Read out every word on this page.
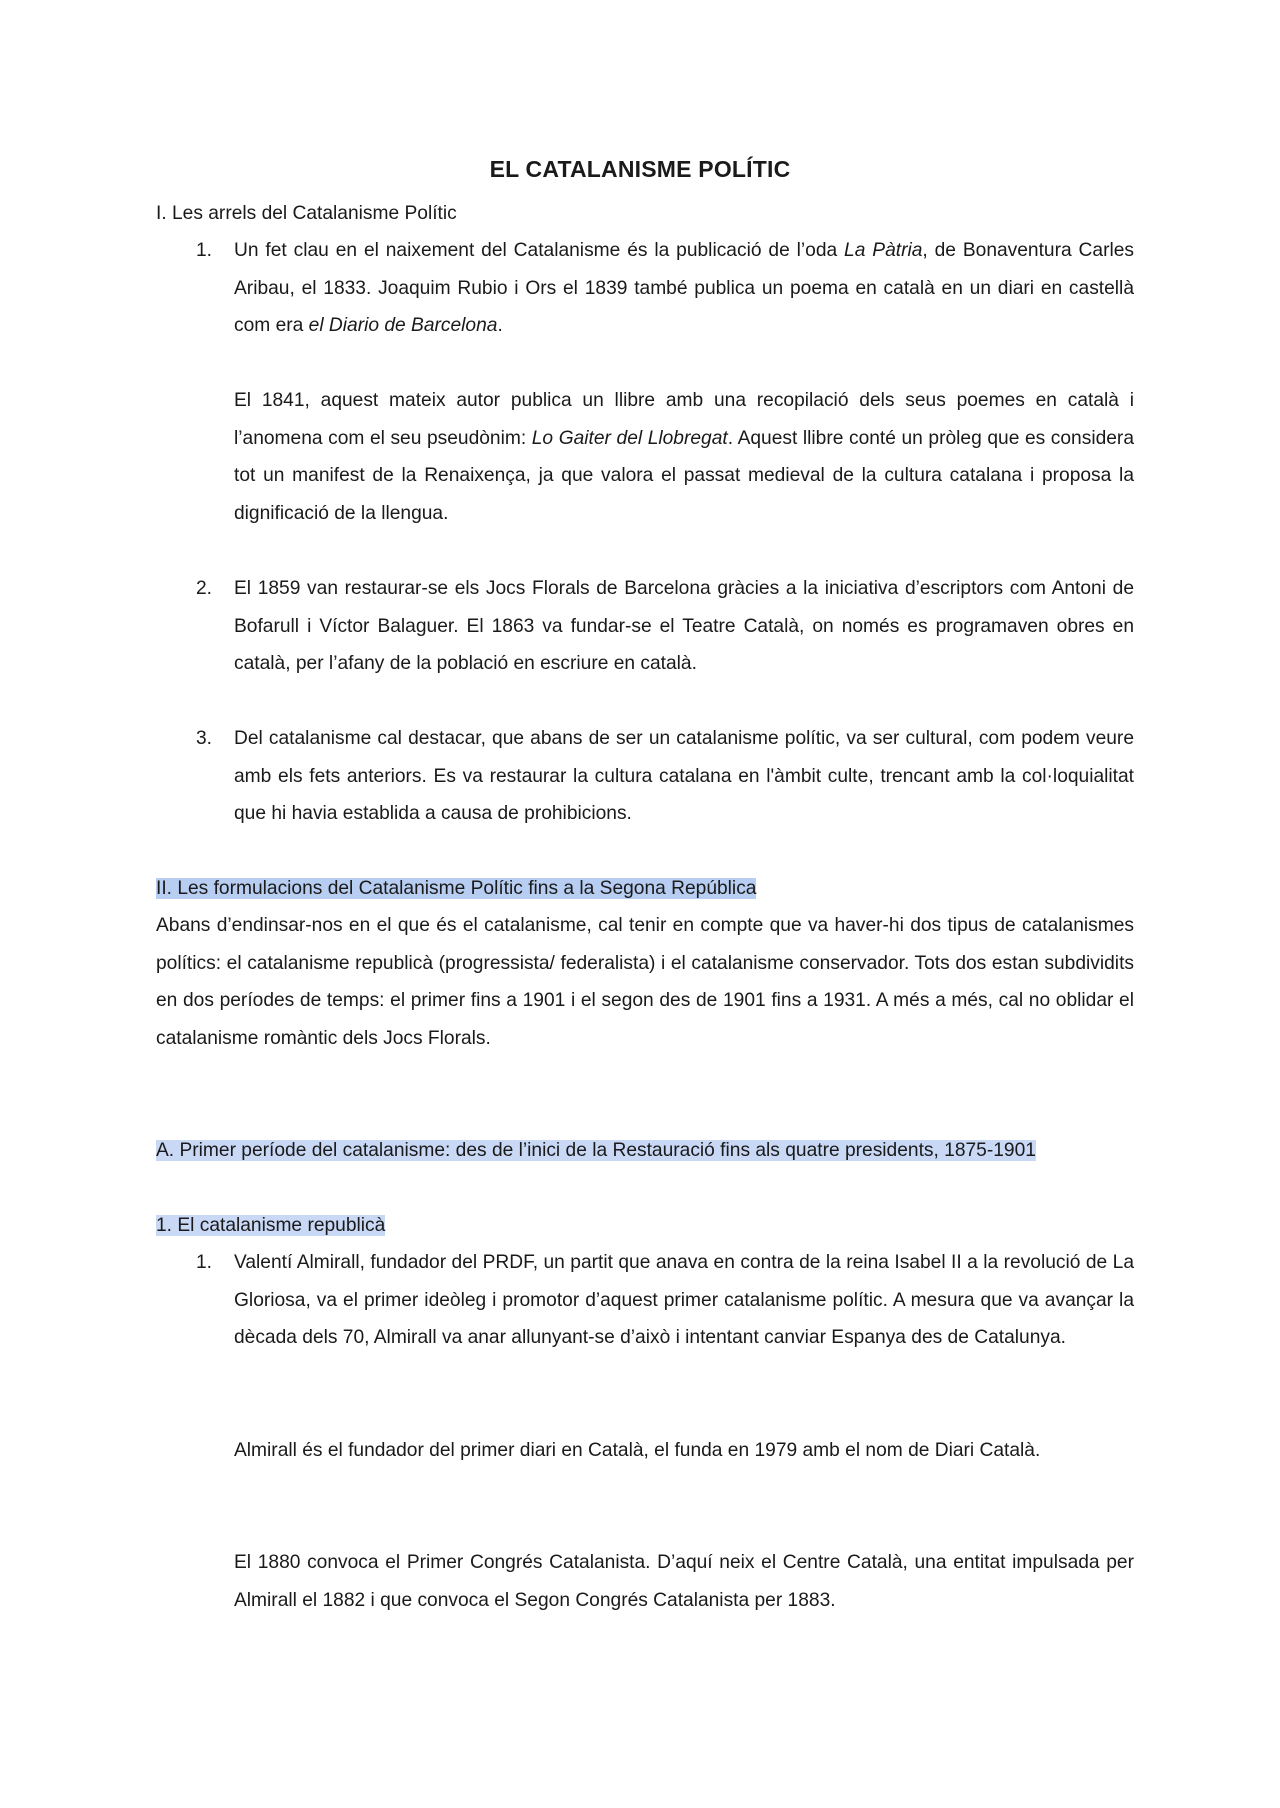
EL CATALANISME POLÍTIC
I. Les arrels del Catalanisme Polític
1. Un fet clau en el naixement del Catalanisme és la publicació de l’oda La Pàtria, de Bonaventura Carles Aribau, el 1833. Joaquim Rubio i Ors el 1839 també publica un poema en català en un diari en castellà com era el Diario de Barcelona.
El 1841, aquest mateix autor publica un llibre amb una recopilació dels seus poemes en català i l’anomena com el seu pseudònim: Lo Gaiter del Llobregat. Aquest llibre conté un pròleg que es considera tot un manifest de la Renaixença, ja que valora el passat medieval de la cultura catalana i proposa la dignificació de la llengua.
2. El 1859 van restaurar-se els Jocs Florals de Barcelona gràcies a la iniciativa d’escriptors com Antoni de Bofarull i Víctor Balaguer. El 1863 va fundar-se el Teatre Català, on només es programaven obres en català, per l’afany de la població en escriure en català.
3. Del catalanisme cal destacar, que abans de ser un catalanisme polític, va ser cultural, com podem veure amb els fets anteriors. Es va restaurar la cultura catalana en l'àmbit culte, trencant amb la col·loquialitat que hi havia establida a causa de prohibicions.
II. Les formulacions del Catalanisme Polític fins a la Segona República
Abans d’endinsar-nos en el que és el catalanisme, cal tenir en compte que va haver-hi dos tipus de catalanismes polítics: el catalanisme republicà (progressista/ federalista) i el catalanisme conservador. Tots dos estan subdividits en dos períodes de temps: el primer fins a 1901 i el segon des de 1901 fins a 1931. A més a més, cal no oblidar el catalanisme romàntic dels Jocs Florals.
A. Primer període del catalanisme: des de l’inici de la Restauració fins als quatre presidents, 1875-1901
1. El catalanisme republicà
1. Valentí Almirall, fundador del PRDF, un partit que anava en contra de la reina Isabel II a la revolució de La Gloriosa, va el primer ideòleg i promotor d’aquest primer catalanisme polític. A mesura que va avançar la dècada dels 70, Almirall va anar allunyant-se d’això i intentant canviar Espanya des de Catalunya.
Almirall és el fundador del primer diari en Català, el funda en 1979 amb el nom de Diari Català.
El 1880 convoca el Primer Congrés Catalanista. D’aquí neix el Centre Català, una entitat impulsada per Almirall el 1882 i que convoca el Segon Congrés Catalanista per 1883.
